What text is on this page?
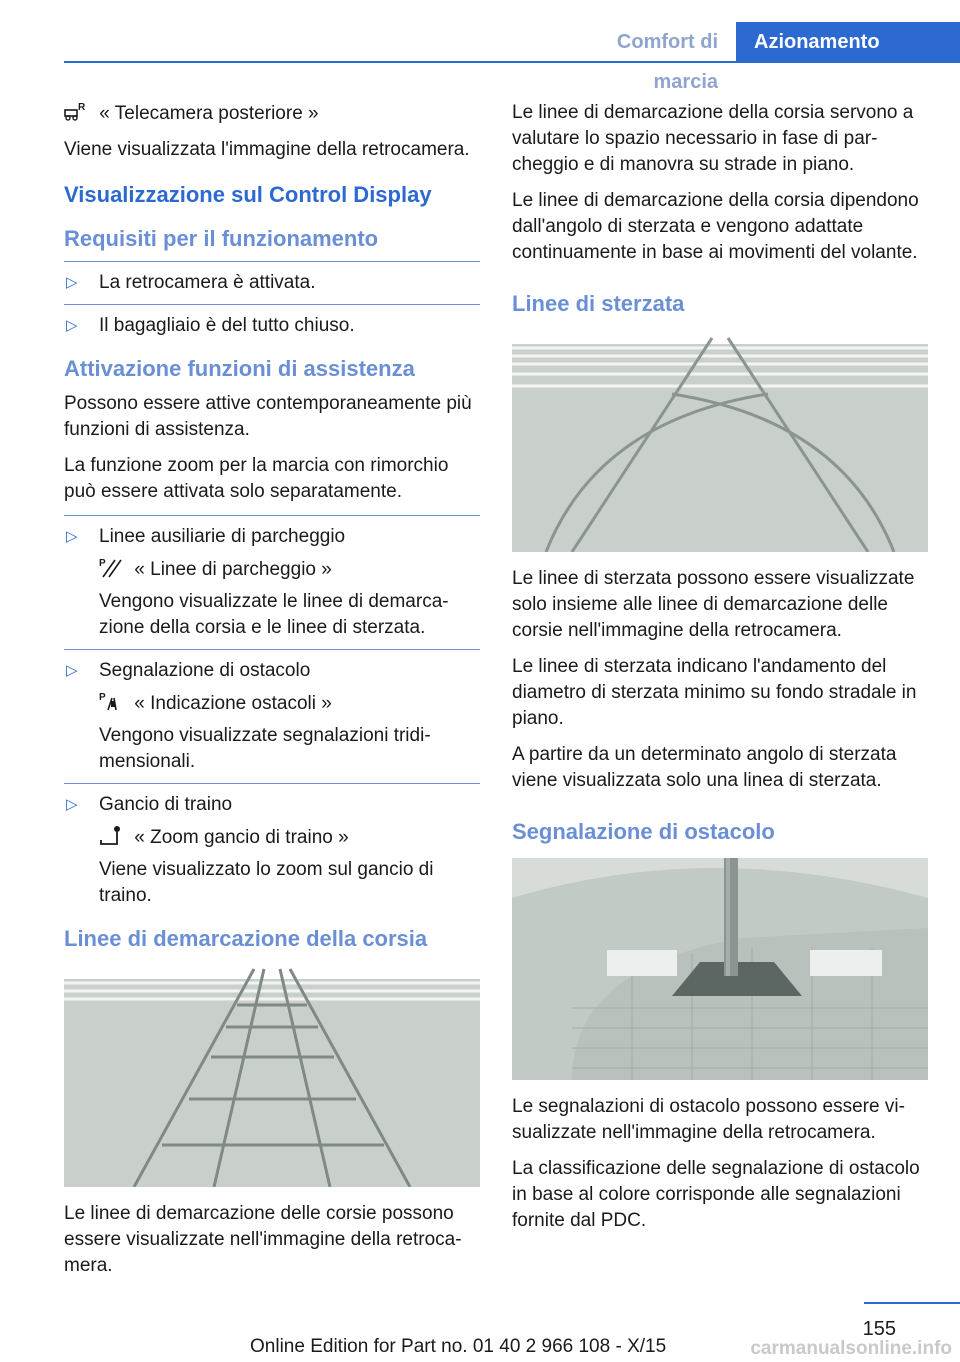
Comfort di marcia
Azionamento

R « Telecamera posteriore »

Viene visualizzata l'immagine della retrocamera.

Visualizzazione sul Control Display
Requisiti per il funzionamento
▷ La retrocamera è attivata.
▷ Il bagagliaio è del tutto chiuso.
Attivazione funzioni di assistenza

Possono essere attive contemporaneamente più funzioni di assistenza.

La funzione zoom per la marcia con rimorchio può essere attivata solo separatamente.

▷ Linee ausiliarie di parcheggio

P « Linee di parcheggio »

Vengono visualizzate le linee di demarcazione della corsia e le linee di sterzata.

▷ Segnalazione di ostacolo

P « Indicazione ostacoli »

Vengono visualizzate segnalazioni tridimensionali.

▷ Gancio di traino

« Zoom gancio di traino »

Viene visualizzato lo zoom sul gancio di traino.

Linee di demarcazione della corsia

Le linee di demarcazione delle corsie possono essere visualizzate nell'immagine della retrocamera.

Le linee di demarcazione della corsia servono a valutare lo spazio necessario in fase di parcheggio e di manovra su strade in piano.

Le linee di demarcazione della corsia dipendono dall'angolo di sterzata e vengono adattate continuamente in base ai movimenti del volante.

Linee di sterzata

Le linee di sterzata possono essere visualizzate solo insieme alle linee di demarcazione delle corsie nell'immagine della retrocamera.

Le linee di sterzata indicano l'andamento del diametro di sterzata minimo su fondo stradale in piano.

A partire da un determinato angolo di sterzata viene visualizzata solo una linea di sterzata.

Segnalazione di ostacolo

Le segnalazioni di ostacolo possono essere visualizzate nell'immagine della retrocamera.

La classificazione delle segnalazione di ostacolo in base al colore corrisponde alle segnalazioni fornite dal PDC.

155
Online Edition for Part no. 01 40 2 966 108 - X/15	carmanualsonline.info
